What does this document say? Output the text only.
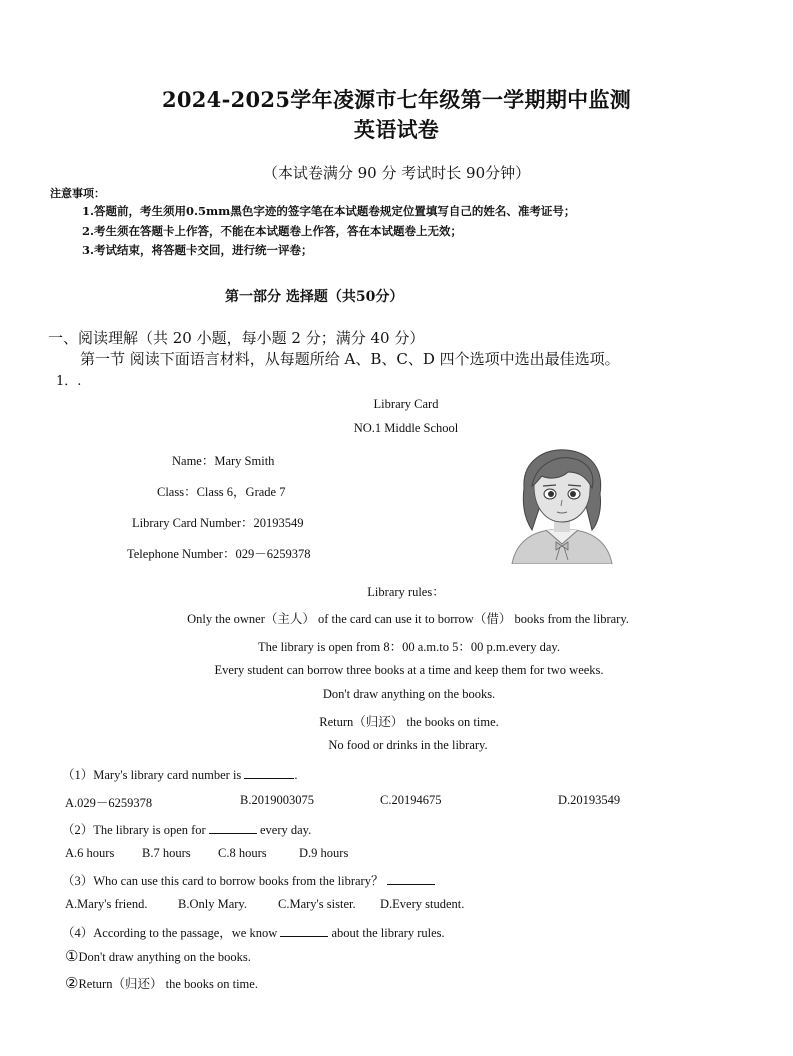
2024-2025学年凌源市七年级第一学期期中监测
英语试卷
（本试卷满分 90 分 考试时长 90分钟）
注意事项：
1.答题前，考生须用0.5mm黑色字迹的签字笔在本试题卷规定位置填写自己的姓名、准考证号；
2.考生须在答题卡上作答，不能在本试题卷上作答，答在本试题卷上无效；
3.考试结束，将答题卡交回，进行统一评卷；
第一部分 选择题（共50分）
一、阅读理解（共 20 小题，每小题 2 分；满分 40 分）
第一节 阅读下面语言材料，从每题所给 A、B、C、D 四个选项中选出最佳选项。
1．.
Library Card
NO.1 Middle School
Name：Mary Smith
Class：Class 6，Grade 7
Library Card Number：20193549
Telephone Number：029－6259378
Library rules：
Only the owner（主人） of the card can use it to borrow（借） books from the library.
The library is open from 8：00 a.m.to 5：00 p.m.every day.
Every student can borrow three books at a time and keep them for two weeks.
Don't draw anything on the books.
Return（归还） the books on time.
No food or drinks in the library.
（1）Mary's library card number is	.
A.029－6259378	B.2019003075	C.20194675	D.20193549
（2）The library is open for	every day.
A.6 hours B.7 hours C.8 hours	D.9 hours
（3）Who can use this card to borrow books from the library？
A.Mary's friend. B.Only Mary. C.Mary's sister. D.Every student.
（4）According to the passage，we know	about the library rules.
①Don't draw anything on the books.
②Return（归还） the books on time.
